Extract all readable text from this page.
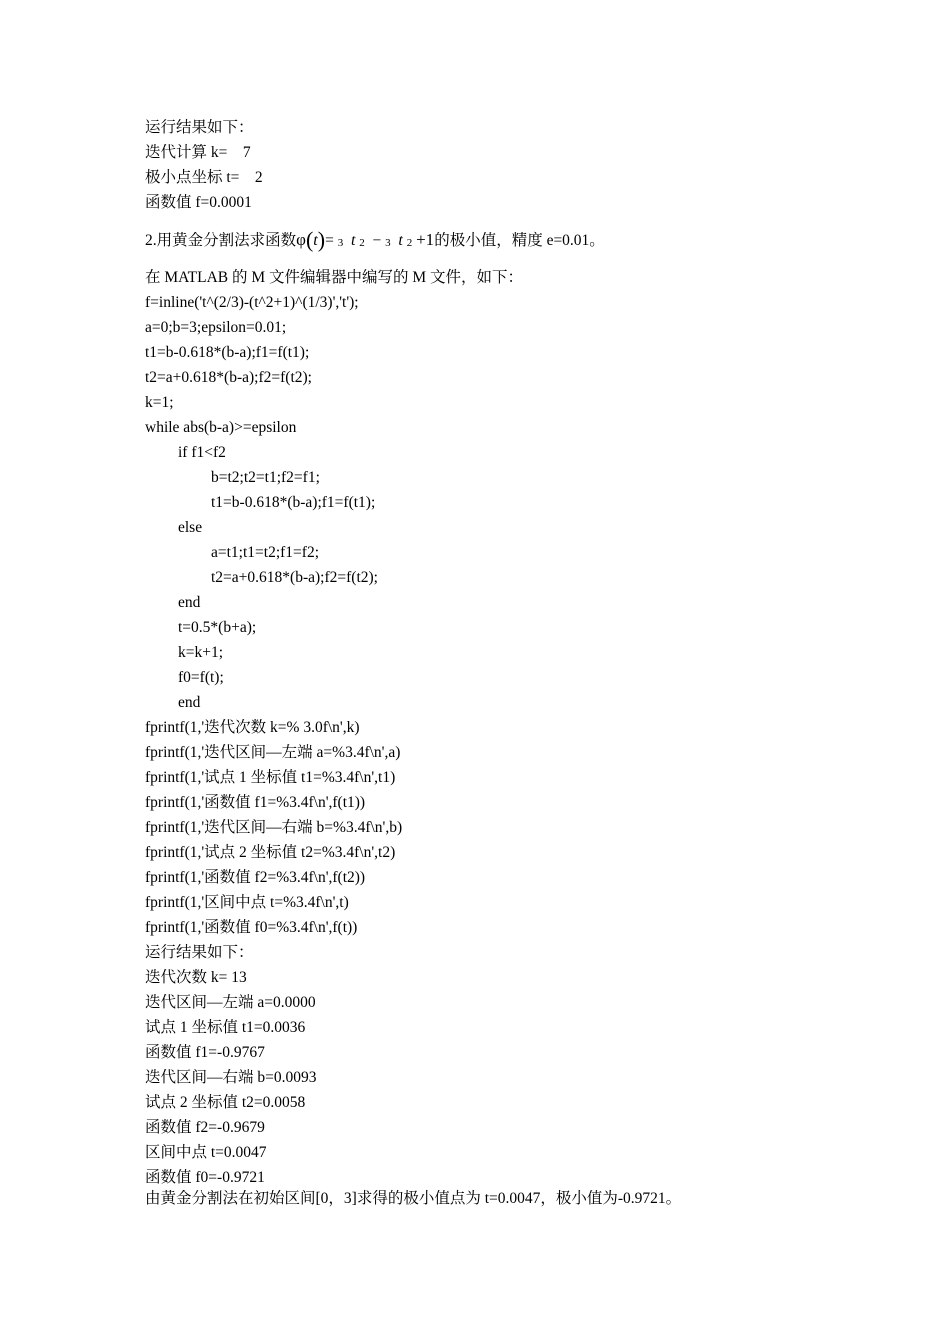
运行结果如下：
迭代计算 k=    7
极小点坐标 t=    2
函数值 f=0.0001
2.用黄金分割法求函数φ(t)= 3 t 2 − 3 t 2 +1的极小值，精度 e=0.01。
在 MATLAB 的 M 文件编辑器中编写的 M 文件，如下：
f=inline('t^(2/3)-(t^2+1)^(1/3)','t');
a=0;b=3;epsilon=0.01;
t1=b-0.618*(b-a);f1=f(t1);
t2=a+0.618*(b-a);f2=f(t2);
k=1;
while abs(b-a)>=epsilon
if f1<f2
b=t2;t2=t1;f2=f1;
t1=b-0.618*(b-a);f1=f(t1);
else
a=t1;t1=t2;f1=f2;
t2=a+0.618*(b-a);f2=f(t2);
end
t=0.5*(b+a);
k=k+1;
f0=f(t);
end
fprintf(1,'迭代次数 k=% 3.0f\n',k)
fprintf(1,'迭代区间—左端 a=%3.4f\n',a)
fprintf(1,'试点 1 坐标值 t1=%3.4f\n',t1)
fprintf(1,'函数值 f1=%3.4f\n',f(t1))
fprintf(1,'迭代区间—右端 b=%3.4f\n',b)
fprintf(1,'试点 2 坐标值 t2=%3.4f\n',t2)
fprintf(1,'函数值 f2=%3.4f\n',f(t2))
fprintf(1,'区间中点 t=%3.4f\n',t)
fprintf(1,'函数值 f0=%3.4f\n',f(t))
运行结果如下：
迭代次数 k= 13
迭代区间—左端 a=0.0000
试点 1 坐标值 t1=0.0036
函数值 f1=-0.9767
迭代区间—右端 b=0.0093
试点 2 坐标值 t2=0.0058
函数值 f2=-0.9679
区间中点 t=0.0047
函数值 f0=-0.9721
由黄金分割法在初始区间[0，3]求得的极小值点为 t=0.0047，极小值为-0.9721。
